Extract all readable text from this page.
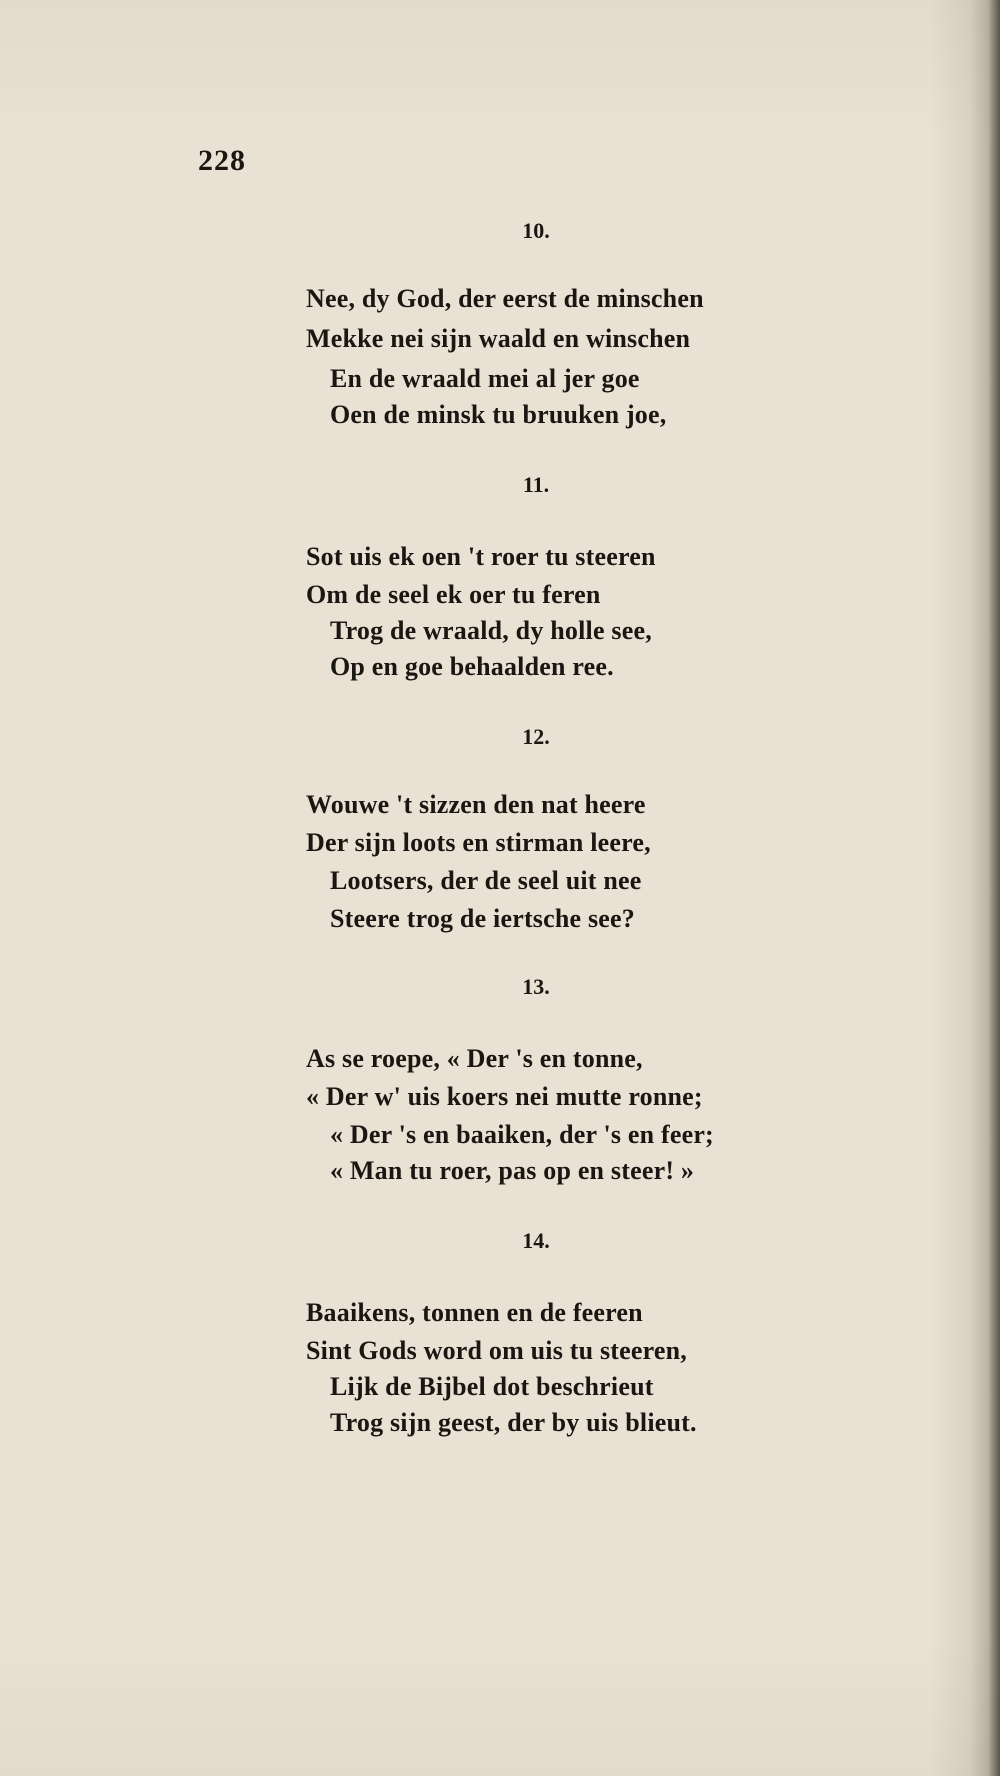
228
10.
Nee, dy God, der eerst de minschen
Mekke nei sijn waald en winschen
En de wraald mei al jer goe
Oen de minsk tu bruuken joe,
11.
Sot uis ek oen 't roer tu steeren
Om de seel ek oer tu feren
Trog de wraald, dy holle see,
Op en goe behaalden ree.
12.
Wouwe 't sizzen den nat heere
Der sijn loots en stirman leere,
Lootsers, der de seel uit nee
Steere trog de iertsche see?
13.
As se roepe, « Der 's en tonne,
« Der w' uis koers nei mutte ronne;
« Der 's en baaiken, der 's en feer;
« Man tu roer, pas op en steer! »
14.
Baaikens, tonnen en de feeren
Sint Gods word om uis tu steeren,
Lijk de Bijbel dot beschrieut
Trog sijn geest, der by uis blieut.
